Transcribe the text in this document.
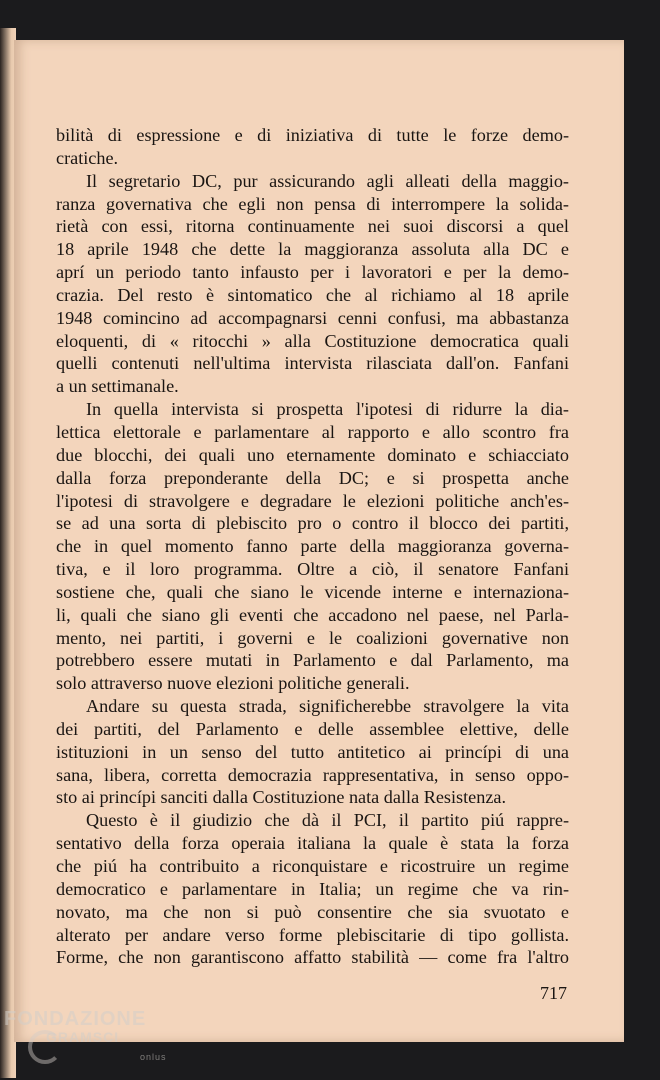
bilità di espressione e di iniziativa di tutte le forze demo-
cratiche.
Il segretario DC, pur assicurando agli alleati della maggio-
ranza governativa che egli non pensa di interrompere la solida-
rietà con essi, ritorna continuamente nei suoi discorsi a quel
18 aprile 1948 che dette la maggioranza assoluta alla DC e
aprí un periodo tanto infausto per i lavoratori e per la demo-
crazia. Del resto è sintomatico che al richiamo al 18 aprile
1948 comincino ad accompagnarsi cenni confusi, ma abbastanza
eloquenti, di « ritocchi » alla Costituzione democratica quali
quelli contenuti nell'ultima intervista rilasciata dall'on. Fanfani
a un settimanale.
In quella intervista si prospetta l'ipotesi di ridurre la dia-
lettica elettorale e parlamentare al rapporto e allo scontro fra
due blocchi, dei quali uno eternamente dominato e schiacciato
dalla forza preponderante della DC; e si prospetta anche
l'ipotesi di stravolgere e degradare le elezioni politiche anch'es-
se ad una sorta di plebiscito pro o contro il blocco dei partiti,
che in quel momento fanno parte della maggioranza governa-
tiva, e il loro programma. Oltre a ciò, il senatore Fanfani
sostiene che, quali che siano le vicende interne e internaziona-
li, quali che siano gli eventi che accadono nel paese, nel Parla-
mento, nei partiti, i governi e le coalizioni governative non
potrebbero essere mutati in Parlamento e dal Parlamento, ma
solo attraverso nuove elezioni politiche generali.
Andare su questa strada, significherebbe stravolgere la vita
dei partiti, del Parlamento e delle assemblee elettive, delle
istituzioni in un senso del tutto antitetico ai princípi di una
sana, libera, corretta democrazia rappresentativa, in senso oppo-
sto ai princípi sanciti dalla Costituzione nata dalla Resistenza.
Questo è il giudizio che dà il PCI, il partito piú rappre-
sentativo della forza operaia italiana la quale è stata la forza
che piú ha contribuito a riconquistare e ricostruire un regime
democratico e parlamentare in Italia; un regime che va rin-
novato, ma che non si può consentire che sia svuotato e
alterato per andare verso forme plebiscitarie di tipo gollista.
Forme, che non garantiscono affatto stabilità — come fra l'altro
717
FONDAZIONE
GRAMSCI
onlus
